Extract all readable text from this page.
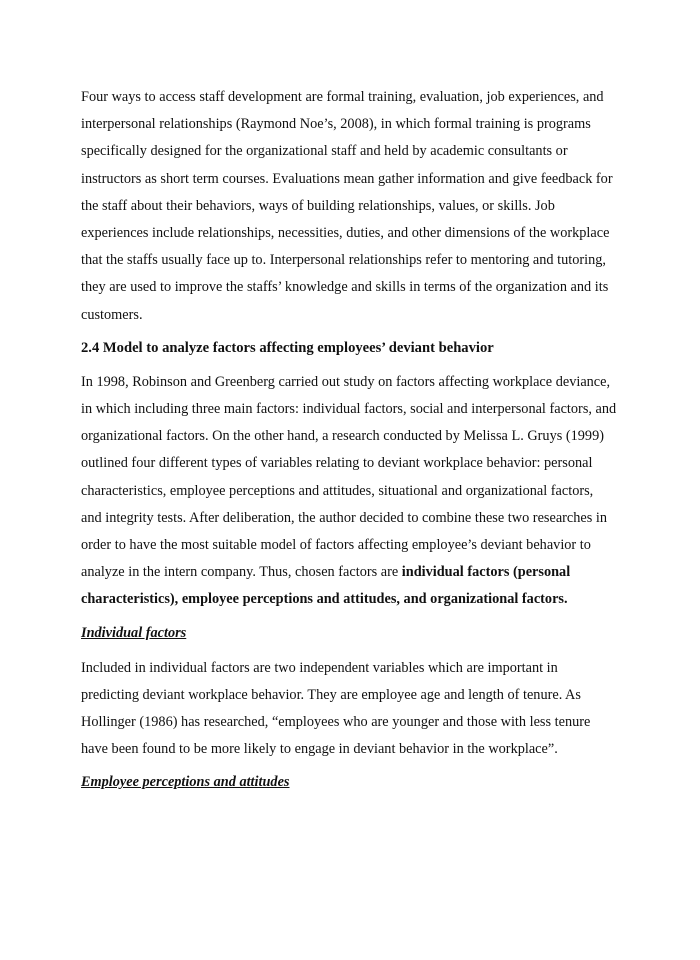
Four ways to access staff development are formal training, evaluation, job experiences, and interpersonal relationships (Raymond Noe’s, 2008), in which formal training is programs specifically designed for the organizational staff and held by academic consultants or instructors as short term courses. Evaluations mean gather information and give feedback for the staff about their behaviors, ways of building relationships, values, or skills. Job experiences include relationships, necessities, duties, and other dimensions of the workplace that the staffs usually face up to. Interpersonal relationships refer to mentoring and tutoring, they are used to improve the staffs’ knowledge and skills in terms of the organization and its customers.

2.4 Model to analyze factors affecting employees’ deviant behavior

In 1998, Robinson and Greenberg carried out study on factors affecting workplace deviance, in which including three main factors: individual factors, social and interpersonal factors, and organizational factors. On the other hand, a research conducted by Melissa L. Gruys (1999) outlined four different types of variables relating to deviant workplace behavior: personal characteristics, employee perceptions and attitudes, situational and organizational factors, and integrity tests. After deliberation, the author decided to combine these two researches in order to have the most suitable model of factors affecting employee’s deviant behavior to analyze in the intern company. Thus, chosen factors are individual factors (personal characteristics), employee perceptions and attitudes, and organizational factors.

Individual factors

Included in individual factors are two independent variables which are important in predicting deviant workplace behavior. They are employee age and length of tenure. As Hollinger (1986) has researched, “employees who are younger and those with less tenure have been found to be more likely to engage in deviant behavior in the workplace”.

Employee perceptions and attitudes
